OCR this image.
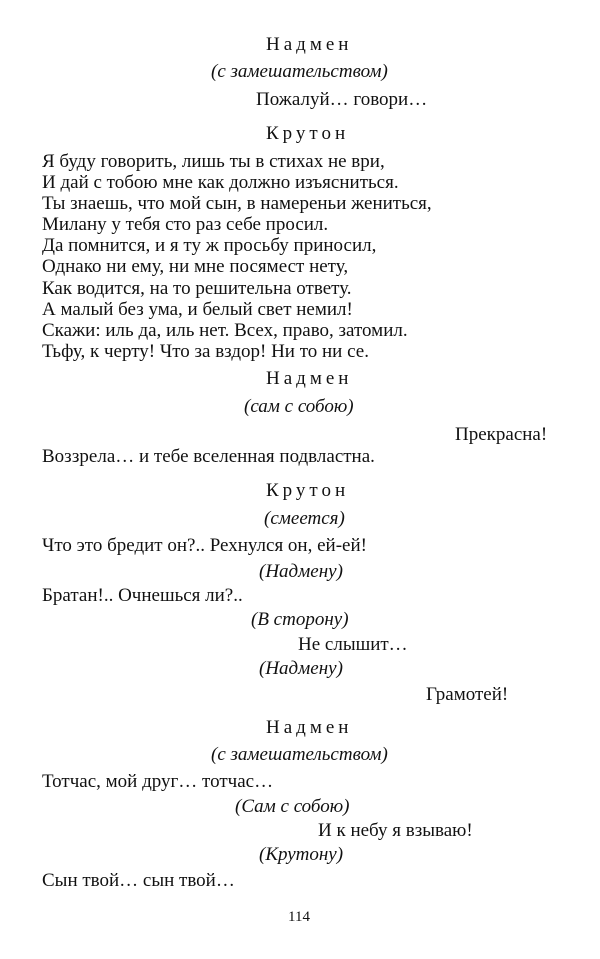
Надмен

(с замешательством)

Пожалуй… говори…

Крутон

Я буду говорить, лишь ты в стихах не ври,
И дай с тобою мне как должно изъясниться.
Ты знаешь, что мой сын, в намереньи жениться,
Милану у тебя сто раз себе просил.
Да помнится, и я ту ж просьбу приносил,
Однако ни ему, ни мне посямест нету,
Как водится, на то решительна ответу.
А малый без ума, и белый свет немил!
Скажи: иль да, иль нет. Всех, право, затомил.
Тьфу, к черту! Что за вздор! Ни то ни се.

Надмен

(сам с собою)

Прекрасна!

Воззрела… и тебе вселенная подвластна.

Крутон

(смеется)

Что это бредит он?.. Рехнулся он, ей-ей!

(Надмену)

Братан!.. Очнешься ли?..

(В сторону)

Не слышит…

(Надмену)

Грамотей!

Надмен

(с замешательством)

Тотчас, мой друг… тотчас…

(Сам с собою)

И к небу я взываю!

(Крутону)

Сын твой… сын твой…

114
